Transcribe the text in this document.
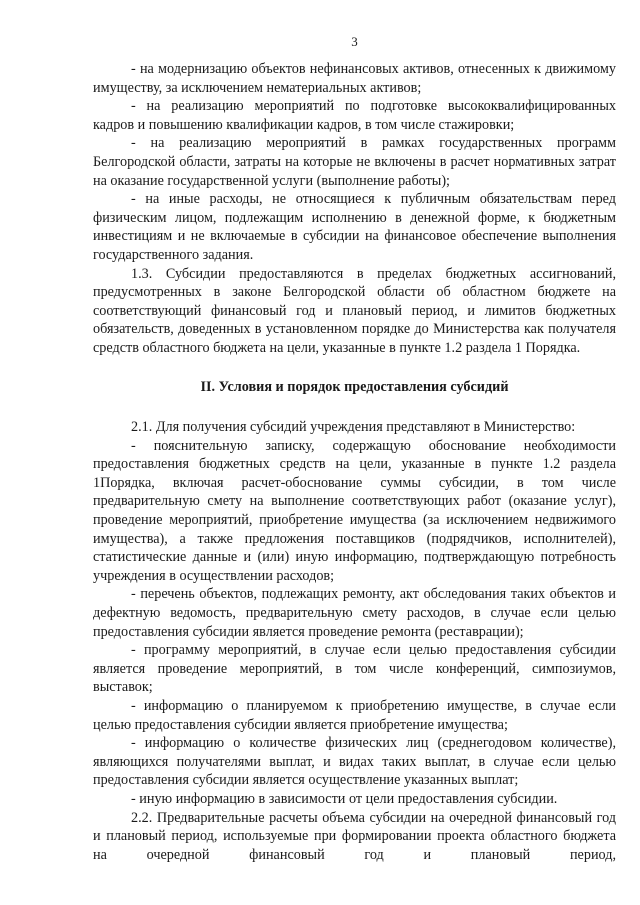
3

- на модернизацию объектов нефинансовых активов, отнесенных к движимому имуществу, за исключением нематериальных активов;

- на реализацию мероприятий по подготовке высококвалифицированных кадров и повышению квалификации кадров, в том числе стажировки;

- на реализацию мероприятий в рамках государственных программ Белгородской области, затраты на которые не включены в расчет нормативных затрат на оказание государственной услуги (выполнение работы);

- на иные расходы, не относящиеся к публичным обязательствам перед физическим лицом, подлежащим исполнению в денежной форме, к бюджетным инвестициям и не включаемые в субсидии на финансовое обеспечение выполнения государственного задания.

1.3. Субсидии предоставляются в пределах бюджетных ассигнований, предусмотренных в законе Белгородской области об областном бюджете на соответствующий финансовый год и плановый период, и лимитов бюджетных обязательств, доведенных в установленном порядке до Министерства как получателя средств областного бюджета на цели, указанные в пункте 1.2 раздела 1 Порядка.

II. Условия и порядок предоставления субсидий

2.1. Для получения субсидий учреждения представляют в Министерство:

- пояснительную записку, содержащую обоснование необходимости предоставления бюджетных средств на цели, указанные в пункте 1.2 раздела 1Порядка, включая расчет-обоснование суммы субсидии, в том числе предварительную смету на выполнение соответствующих работ (оказание услуг), проведение мероприятий, приобретение имущества (за исключением недвижимого имущества), а также предложения поставщиков (подрядчиков, исполнителей), статистические данные и (или) иную информацию, подтверждающую потребность учреждения в осуществлении расходов;

- перечень объектов, подлежащих ремонту, акт обследования таких объектов и дефектную ведомость, предварительную смету расходов, в случае если целью предоставления субсидии является проведение ремонта (реставрации);

- программу мероприятий, в случае если целью предоставления субсидии является проведение мероприятий, в том числе конференций, симпозиумов, выставок;

- информацию о планируемом к приобретению имуществе, в случае если целью предоставления субсидии является приобретение имущества;

- информацию о количестве физических лиц (среднегодовом количестве), являющихся получателями выплат, и видах таких выплат, в случае если целью предоставления субсидии является осуществление указанных выплат;

- иную информацию в зависимости от цели предоставления субсидии.

2.2. Предварительные расчеты объема субсидии на очередной финансовый год и плановый период, используемые при формировании проекта областного бюджета на очередной финансовый год и плановый период,
